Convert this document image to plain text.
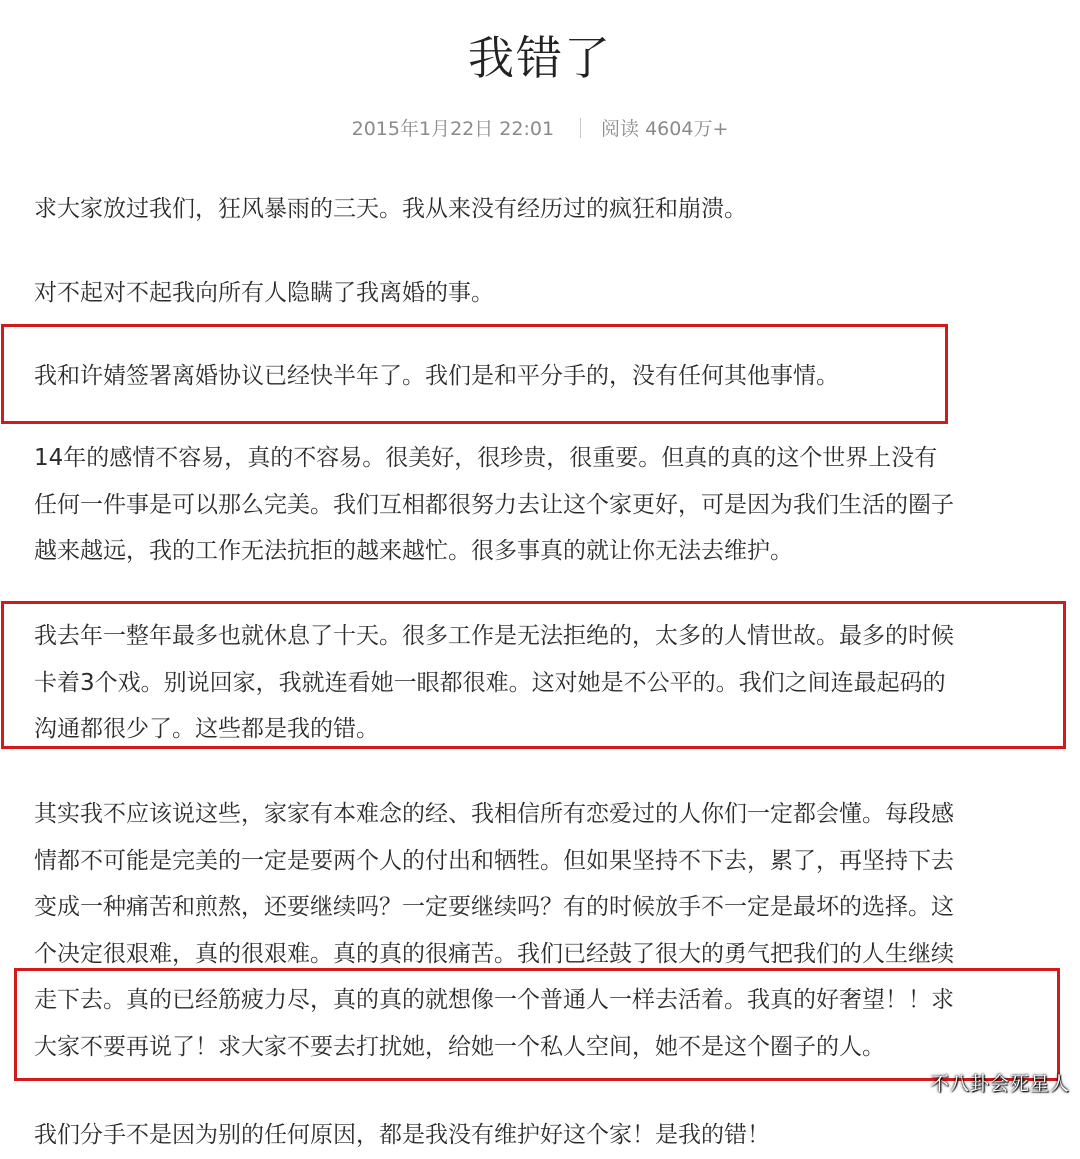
我错了
2015年1月22日 22:01 阅读 4604万+
求大家放过我们，狂风暴雨的三天。我从来没有经历过的疯狂和崩溃。
对不起对不起我向所有人隐瞒了我离婚的事。
我和许婧签署离婚协议已经快半年了。我们是和平分手的，没有任何其他事情。
14年的感情不容易，真的不容易。很美好，很珍贵，很重要。但真的真的这个世界上没有
任何一件事是可以那么完美。我们互相都很努力去让这个家更好，可是因为我们生活的圈子
越来越远，我的工作无法抗拒的越来越忙。很多事真的就让你无法去维护。
我去年一整年最多也就休息了十天。很多工作是无法拒绝的，太多的人情世故。最多的时候
卡着3个戏。别说回家，我就连看她一眼都很难。这对她是不公平的。我们之间连最起码的
沟通都很少了。这些都是我的错。
其实我不应该说这些，家家有本难念的经、我相信所有恋爱过的人你们一定都会懂。每段感
情都不可能是完美的一定是要两个人的付出和牺牲。但如果坚持不下去，累了，再坚持下去
变成一种痛苦和煎熬，还要继续吗？一定要继续吗？有的时候放手不一定是最坏的选择。这
个决定很艰难，真的很艰难。真的真的很痛苦。我们已经鼓了很大的勇气把我们的人生继续
走下去。真的已经筋疲力尽，真的真的就想像一个普通人一样去活着。我真的好奢望！！求
大家不要再说了！求大家不要去打扰她，给她一个私人空间，她不是这个圈子的人。
我们分手不是因为别的任何原因，都是我没有维护好这个家！是我的错！
不八卦会死星人
